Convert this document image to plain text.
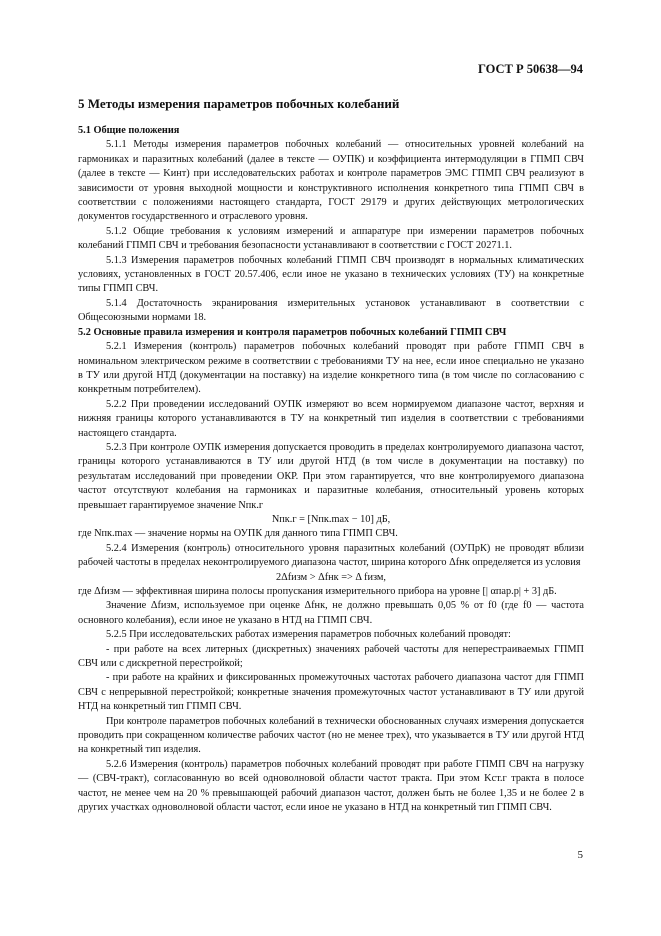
ГОСТ Р 50638—94
5 Методы измерения параметров побочных колебаний

5.1 Общие положения

5.1.1 Методы измерения параметров побочных колебаний — относительных уровней колебаний на гармониках и паразитных колебаний (далее в тексте — ОУПК) и коэффициента интермодуляции в ГПМП СВЧ (далее в тексте — Kинт) при исследовательских работах и контроле параметров ЭМС ГПМП СВЧ реализуют в зависимости от уровня выходной мощности и конструктивного исполнения конкретного типа ГПМП СВЧ в соответствии с положениями настоящего стандарта, ГОСТ 29179 и других действующих метрологических документов государственного и отраслевого уровня.

5.1.2 Общие требования к условиям измерений и аппаратуре при измерении параметров побочных колебаний ГПМП СВЧ и требования безопасности устанавливают в соответствии с ГОСТ 20271.1.

5.1.3 Измерения параметров побочных колебаний ГПМП СВЧ производят в нормальных климатических условиях, установленных в ГОСТ 20.57.406, если иное не указано в технических условиях (ТУ) на конкретные типы ГПМП СВЧ.

5.1.4 Достаточность экранирования измерительных установок устанавливают в соответствии с Общесоюзными нормами 18.

5.2 Основные правила измерения и контроля параметров побочных колебаний ГПМП СВЧ

5.2.1 Измерения (контроль) параметров побочных колебаний проводят при работе ГПМП СВЧ в номинальном электрическом режиме в соответствии с требованиями ТУ на нее, если иное специально не указано в ТУ или другой НТД (документации на поставку) на изделие конкретного типа (в том числе по согласованию с конкретным потребителем).

5.2.2 При проведении исследований ОУПК измеряют во всем нормируемом диапазоне частот, верхняя и нижняя границы которого устанавливаются в ТУ на конкретный тип изделия в соответствии с требованиями настоящего стандарта.

5.2.3 При контроле ОУПК измерения допускается проводить в пределах контролируемого диапазона частот, границы которого устанавливаются в ТУ или другой НТД (в том числе в документации на поставку) по результатам исследований при проведении ОКР. При этом гарантируется, что вне контролируемого диапазона частот отсутствуют колебания на гармониках и паразитные колебания, относительный уровень которых превышает гарантируемое значение Nпк.г

Nпк.г = [Nпк.max − 10] дБ,

где Nпк.max — значение нормы на ОУПК для данного типа ГПМП СВЧ.

5.2.4 Измерения (контроль) относительного уровня паразитных колебаний (ОУПрК) не проводят вблизи рабочей частоты в пределах неконтролируемого диапазона частот, ширина которого Δfнк определяется из условия

2Δfизм > Δfнк => Δ fизм,

где Δfизм — эффективная ширина полосы пропускания измерительного прибора на уровне [| αпар.р| + 3] дБ.

Значение Δfизм, используемое при оценке Δfнк, не должно превышать 0,05 % от f0 (где f0 — частота основного колебания), если иное не указано в НТД на ГПМП СВЧ.

5.2.5 При исследовательских работах измерения параметров побочных колебаний проводят:

- при работе на всех литерных (дискретных) значениях рабочей частоты для неперестраиваемых ГПМП СВЧ или с дискретной перестройкой;

- при работе на крайних и фиксированных промежуточных частотах рабочего диапазона частот для ГПМП СВЧ с непрерывной перестройкой; конкретные значения промежуточных частот устанавливают в ТУ или другой НТД на конкретный тип ГПМП СВЧ.

При контроле параметров побочных колебаний в технически обоснованных случаях измерения допускается проводить при сокращенном количестве рабочих частот (но не менее трех), что указывается в ТУ или другой НТД на конкретный тип изделия.

5.2.6 Измерения (контроль) параметров побочных колебаний проводят при работе ГПМП СВЧ на нагрузку — (СВЧ-тракт), согласованную во всей одноволновой области частот тракта. При этом Kст.г тракта в полосе частот, не менее чем на 20 % превышающей рабочий диапазон частот, должен быть не более 1,35 и не более 2 в других участках одноволновой области частот, если иное не указано в НТД на конкретный тип ГПМП СВЧ.

5
